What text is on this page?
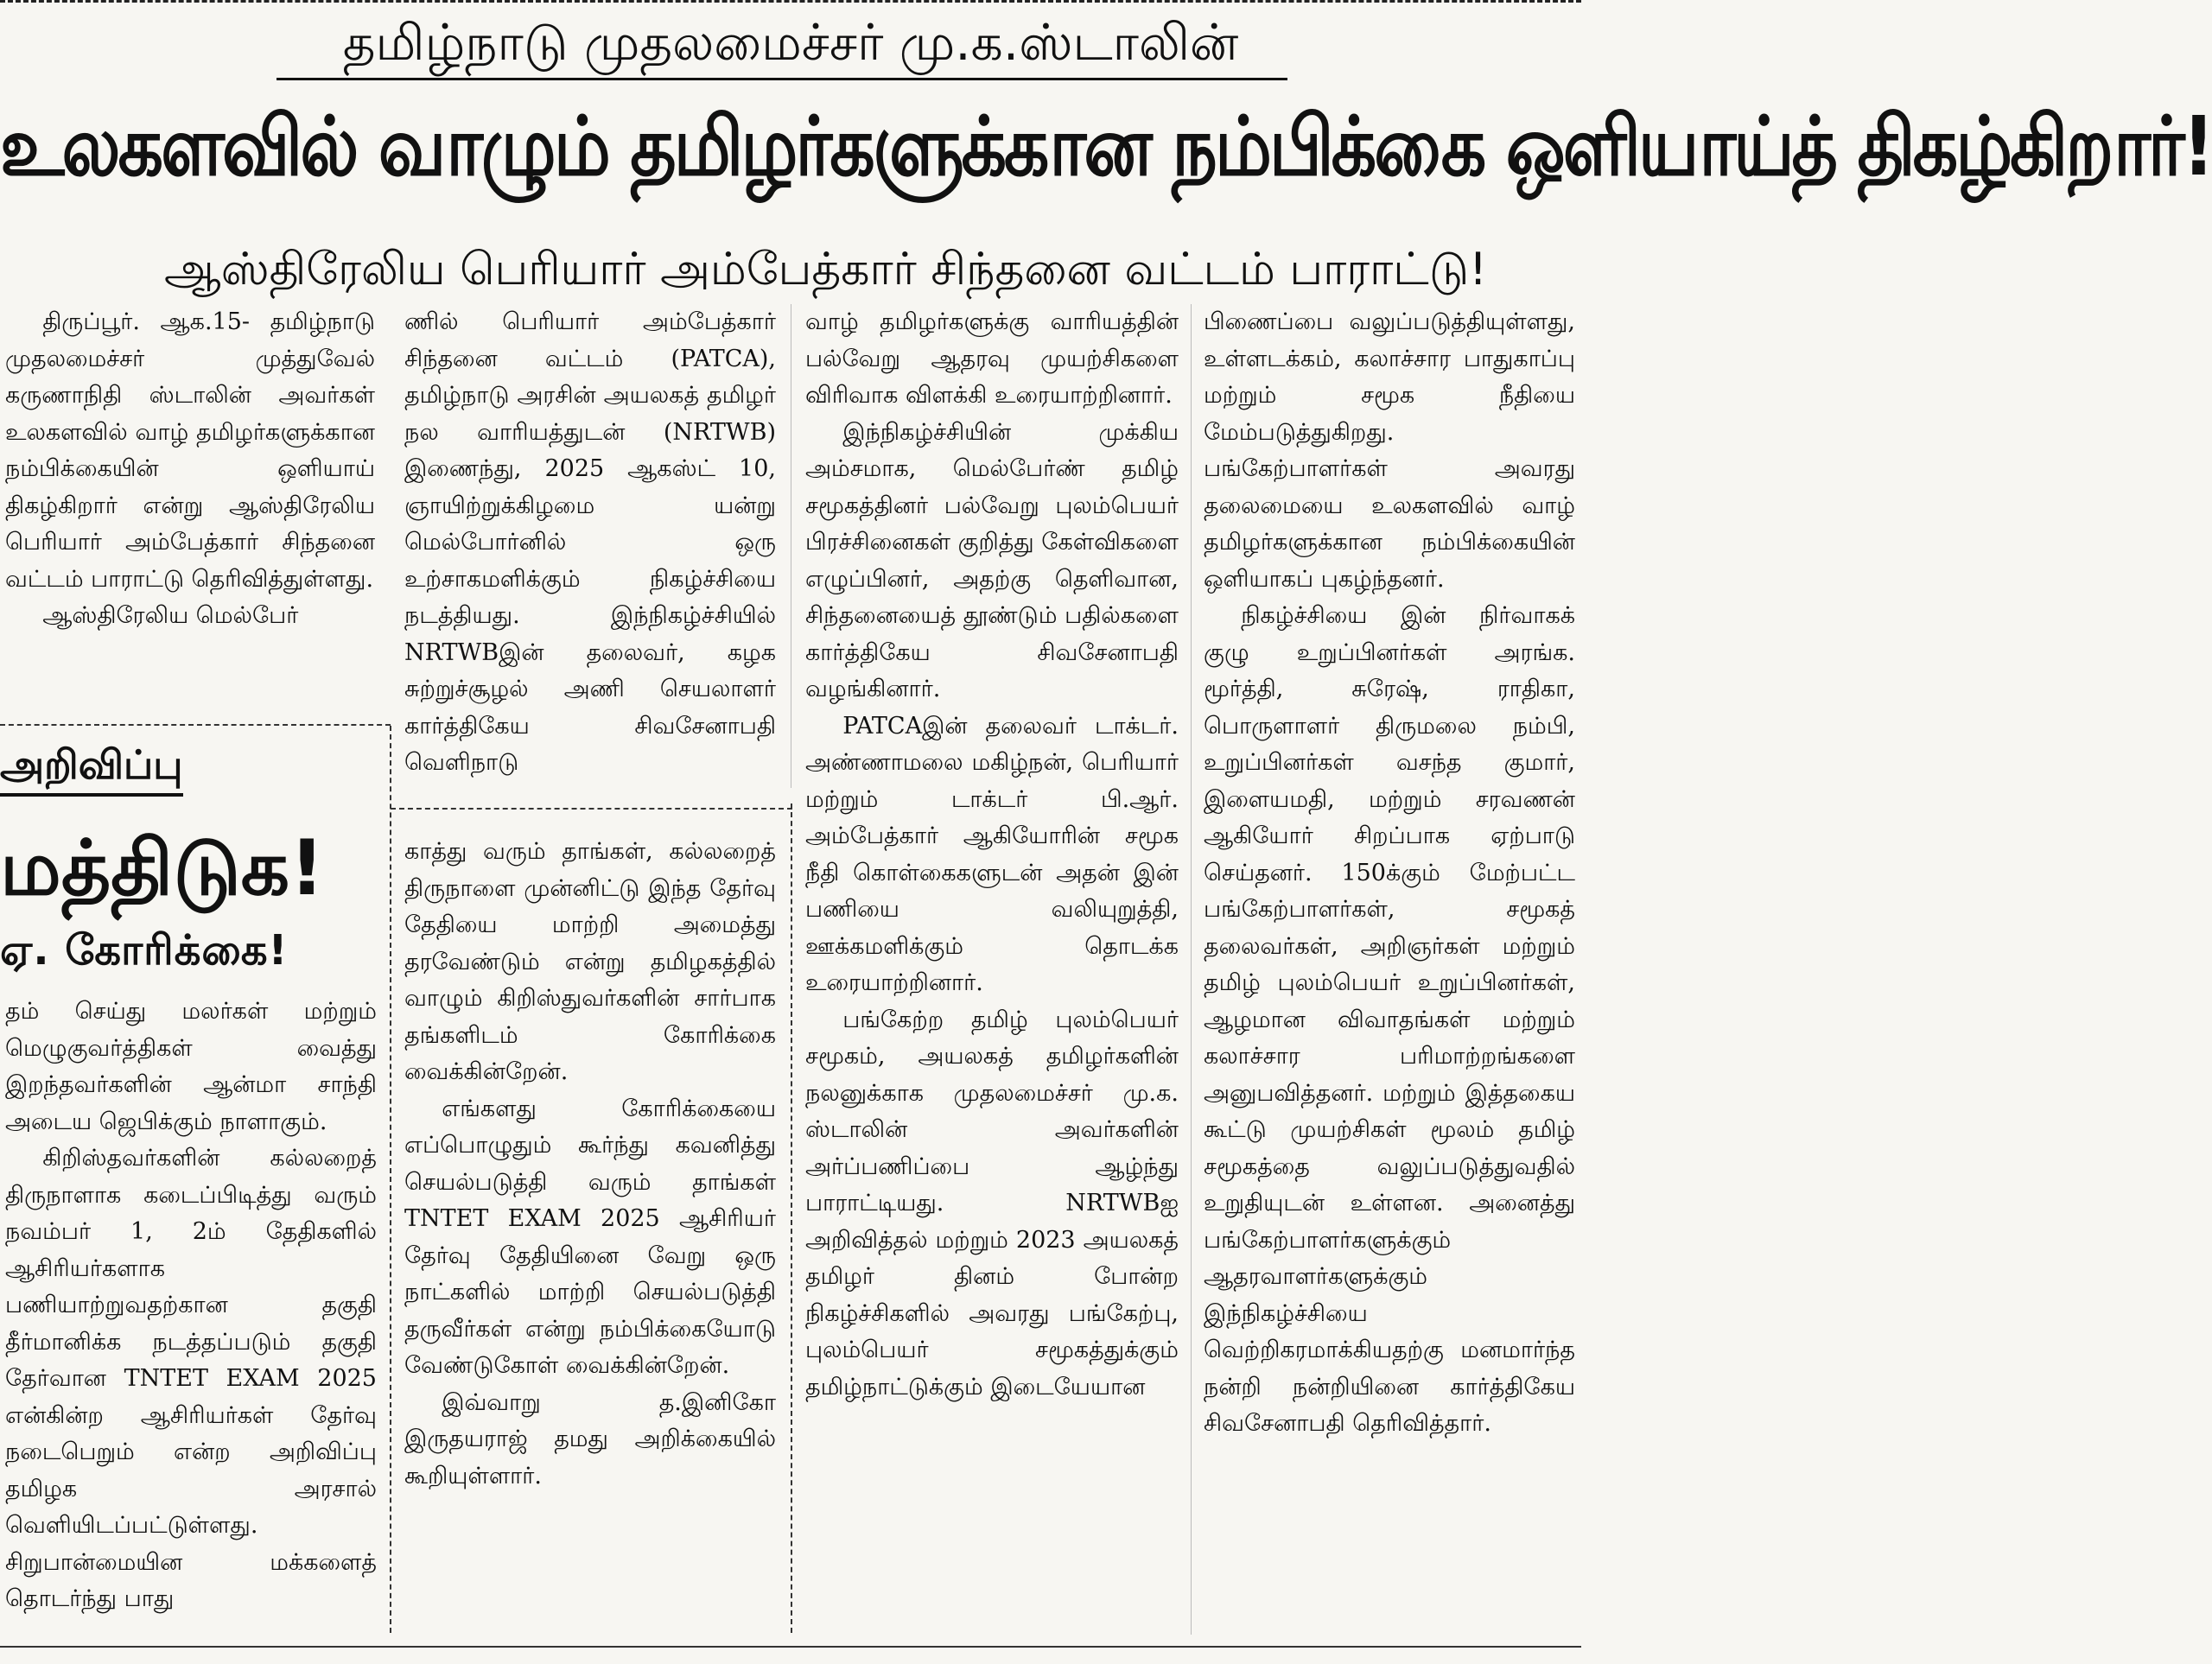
தமிழ்நாடு முதலமைச்சர் மு.க.ஸ்டாலின்
உலகளவில் வாழும் தமிழர்களுக்கான நம்பிக்கை ஒளியாய்த் திகழ்கிறார்!
ஆஸ்திரேலிய பெரியார் அம்பேத்கார் சிந்தனை வட்டம் பாராட்டு!

திருப்பூர். ஆக.15- தமிழ்நாடு முதலமைச்சர் முத்துவேல் கருணாநிதி ஸ்டாலின் அவர்கள் உலகளவில் வாழ் தமிழர்களுக்கான நம்பிக்கையின் ஒளியாய் திகழ்கிறார் என்று ஆஸ்திரேலிய பெரியார் அம்பேத்கார் சிந்தனை வட்டம் பாராட்டு தெரிவித்துள்ளது.

ஆஸ்திரேலிய மெல்பேர்

ணில் பெரியார் அம்பேத்கார் சிந்தனை வட்டம் (PATCA), தமிழ்நாடு அரசின் அயலகத் தமிழர் நல வாரியத்துடன் (NRTWB) இணைந்து, 2025 ஆகஸ்ட் 10, ஞாயிற்றுக்கிழமை யன்று மெல்போர்னில் ஒரு உற்சாகமளிக்கும் நிகழ்ச்சியை நடத்தியது. இந்நிகழ்ச்சியில் NRTWBஇன் தலைவர், கழக சுற்றுச்சூழல் அணி செயலாளர் கார்த்திகேய சிவசேனாபதி வெளிநாடு

வாழ் தமிழர்களுக்கு வாரியத்தின் பல்வேறு ஆதரவு முயற்சிகளை விரிவாக விளக்கி உரையாற்றினார்.

இந்நிகழ்ச்சியின் முக்கிய அம்சமாக, மெல்பேர்ண் தமிழ் சமூகத்தினர் பல்வேறு புலம்பெயர் பிரச்சினைகள் குறித்து கேள்விகளை எழுப்பினர், அதற்கு தெளிவான, சிந்தனையைத் தூண்டும் பதில்களை கார்த்திகேய சிவசேனாபதி வழங்கினார்.

PATCAஇன் தலைவர் டாக்டர். அண்ணாமலை மகிழ்நன், பெரியார் மற்றும் டாக்டர் பி.ஆர். அம்பேத்கார் ஆகியோரின் சமூக நீதி கொள்கைகளுடன் அதன் இன் பணியை வலியுறுத்தி, ஊக்கமளிக்கும் தொடக்க உரையாற்றினார்.

பங்கேற்ற தமிழ் புலம்பெயர் சமூகம், அயலகத் தமிழர்களின் நலனுக்காக முதலமைச்சர் மு.க. ஸ்டாலின் அவர்களின் அர்ப்பணிப்பை ஆழ்ந்து பாராட்டியது. NRTWBஐ அறிவித்தல் மற்றும் 2023 அயலகத் தமிழர் தினம் போன்ற நிகழ்ச்சிகளில் அவரது பங்கேற்பு, புலம்பெயர் சமூகத்துக்கும் தமிழ்நாட்டுக்கும் இடையேயான

பிணைப்பை வலுப்படுத்தியுள்ளது, உள்ளடக்கம், கலாச்சார பாதுகாப்பு மற்றும் சமூக நீதியை மேம்படுத்துகிறது. பங்கேற்பாளர்கள் அவரது தலைமையை உலகளவில் வாழ் தமிழர்களுக்கான நம்பிக்கையின் ஒளியாகப் புகழ்ந்தனர்.

நிகழ்ச்சியை இன் நிர்வாகக் குழு உறுப்பினர்கள் அரங்க. மூர்த்தி, சுரேஷ், ராதிகா, பொருளாளர் திருமலை நம்பி, உறுப்பினர்கள் வசந்த குமார், இளையமதி, மற்றும் சரவணன் ஆகியோர் சிறப்பாக ஏற்பாடு செய்தனர். 150க்கும் மேற்பட்ட பங்கேற்பாளர்கள், சமூகத் தலைவர்கள், அறிஞர்கள் மற்றும் தமிழ் புலம்பெயர் உறுப்பினர்கள், ஆழமான விவாதங்கள் மற்றும் கலாச்சார பரிமாற்றங்களை அனுபவித்தனர். மற்றும் இத்தகைய கூட்டு முயற்சிகள் மூலம் தமிழ் சமூகத்தை வலுப்படுத்துவதில் உறுதியுடன் உள்ளன. அனைத்து பங்கேற்பாளர்களுக்கும் ஆதரவாளர்களுக்கும் இந்நிகழ்ச்சியை வெற்றிகரமாக்கியதற்கு மனமார்ந்த நன்றி நன்றியினை கார்த்திகேய சிவசேனாபதி தெரிவித்தார்.

அறிவிப்பு
மத்திடுக!
ஏ. கோரிக்கை!

தம் செய்து மலர்கள் மற்றும் மெழுகுவர்த்திகள் வைத்து இறந்தவர்களின் ஆன்மா சாந்தி அடைய ஜெபிக்கும் நாளாகும்.

கிறிஸ்தவர்களின் கல்லறைத் திருநாளாக கடைப்பிடித்து வரும் நவம்பர் 1, 2ம் தேதிகளில் ஆசிரியர்களாக பணியாற்றுவதற்கான தகுதி தீர்மானிக்க நடத்தப்படும் தகுதி தேர்வான TNTET EXAM 2025 என்கின்ற ஆசிரியர்கள் தேர்வு நடைபெறும் என்ற அறிவிப்பு தமிழக அரசால் வெளியிடப்பட்டுள்ளது. சிறுபான்மையின மக்களைத் தொடர்ந்து பாது

காத்து வரும் தாங்கள், கல்லறைத் திருநாளை முன்னிட்டு இந்த தேர்வு தேதியை மாற்றி அமைத்து தரவேண்டும் என்று தமிழகத்தில் வாழும் கிறிஸ்துவர்களின் சார்பாக தங்களிடம் கோரிக்கை வைக்கின்றேன்.

எங்களது கோரிக்கையை எப்பொழுதும் கூர்ந்து கவனித்து செயல்படுத்தி வரும் தாங்கள் TNTET EXAM 2025 ஆசிரியர் தேர்வு தேதியினை வேறு ஒரு நாட்களில் மாற்றி செயல்படுத்தி தருவீர்கள் என்று நம்பிக்கையோடு வேண்டுகோள் வைக்கின்றேன்.

இவ்வாறு த.இனிகோ இருதயராஜ் தமது அறிக்கையில் கூறியுள்ளார்.
